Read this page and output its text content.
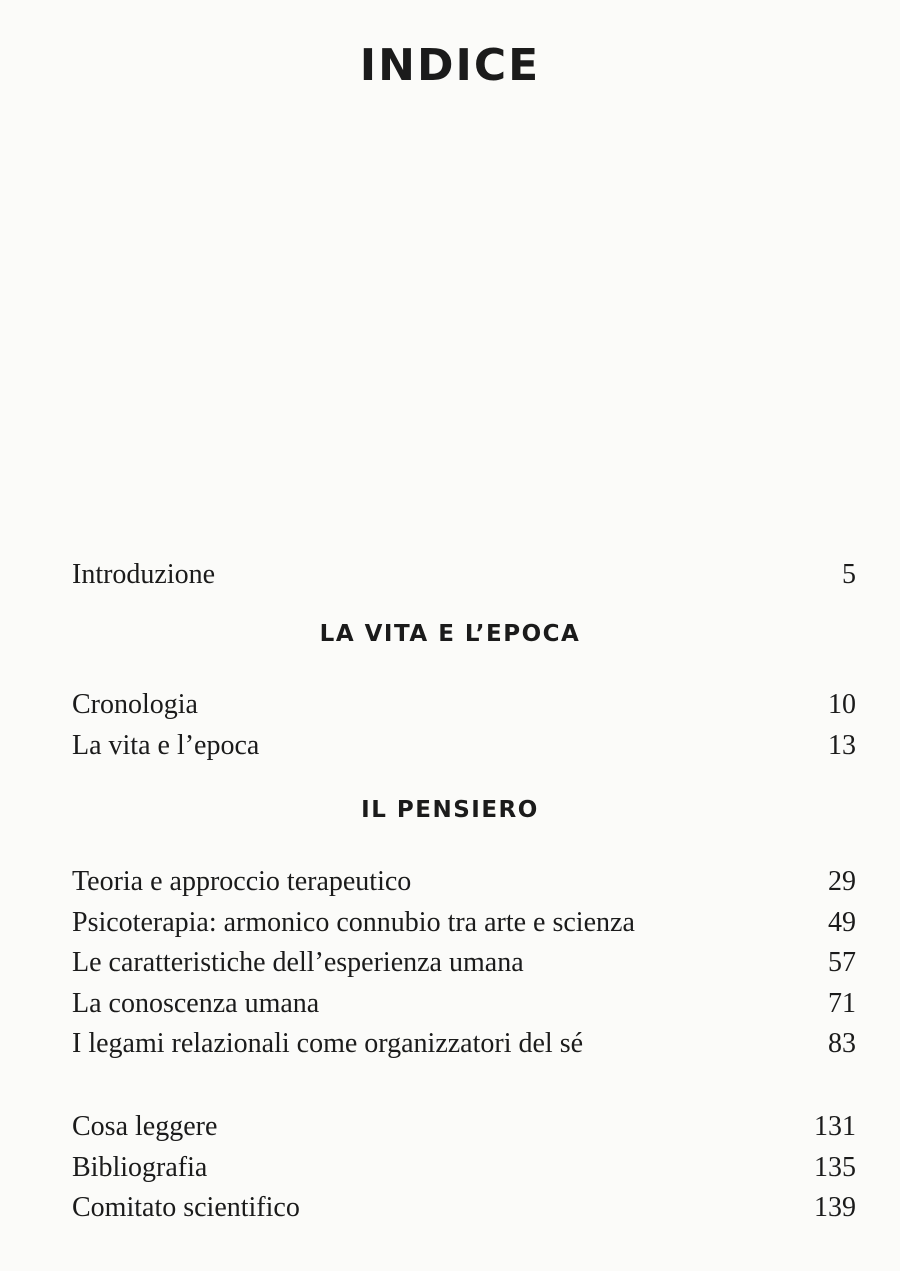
INDICE
Introduzione	5
LA VITA E L’EPOCA
Cronologia	10
La vita e l’epoca	13
IL PENSIERO
Teoria e approccio terapeutico	29
Psicoterapia: armonico connubio tra arte e scienza	49
Le caratteristiche dell’esperienza umana	57
La conoscenza umana	71
I legami relazionali come organizzatori del sé	83
Cosa leggere	131
Bibliografia	135
Comitato scientifico	139
